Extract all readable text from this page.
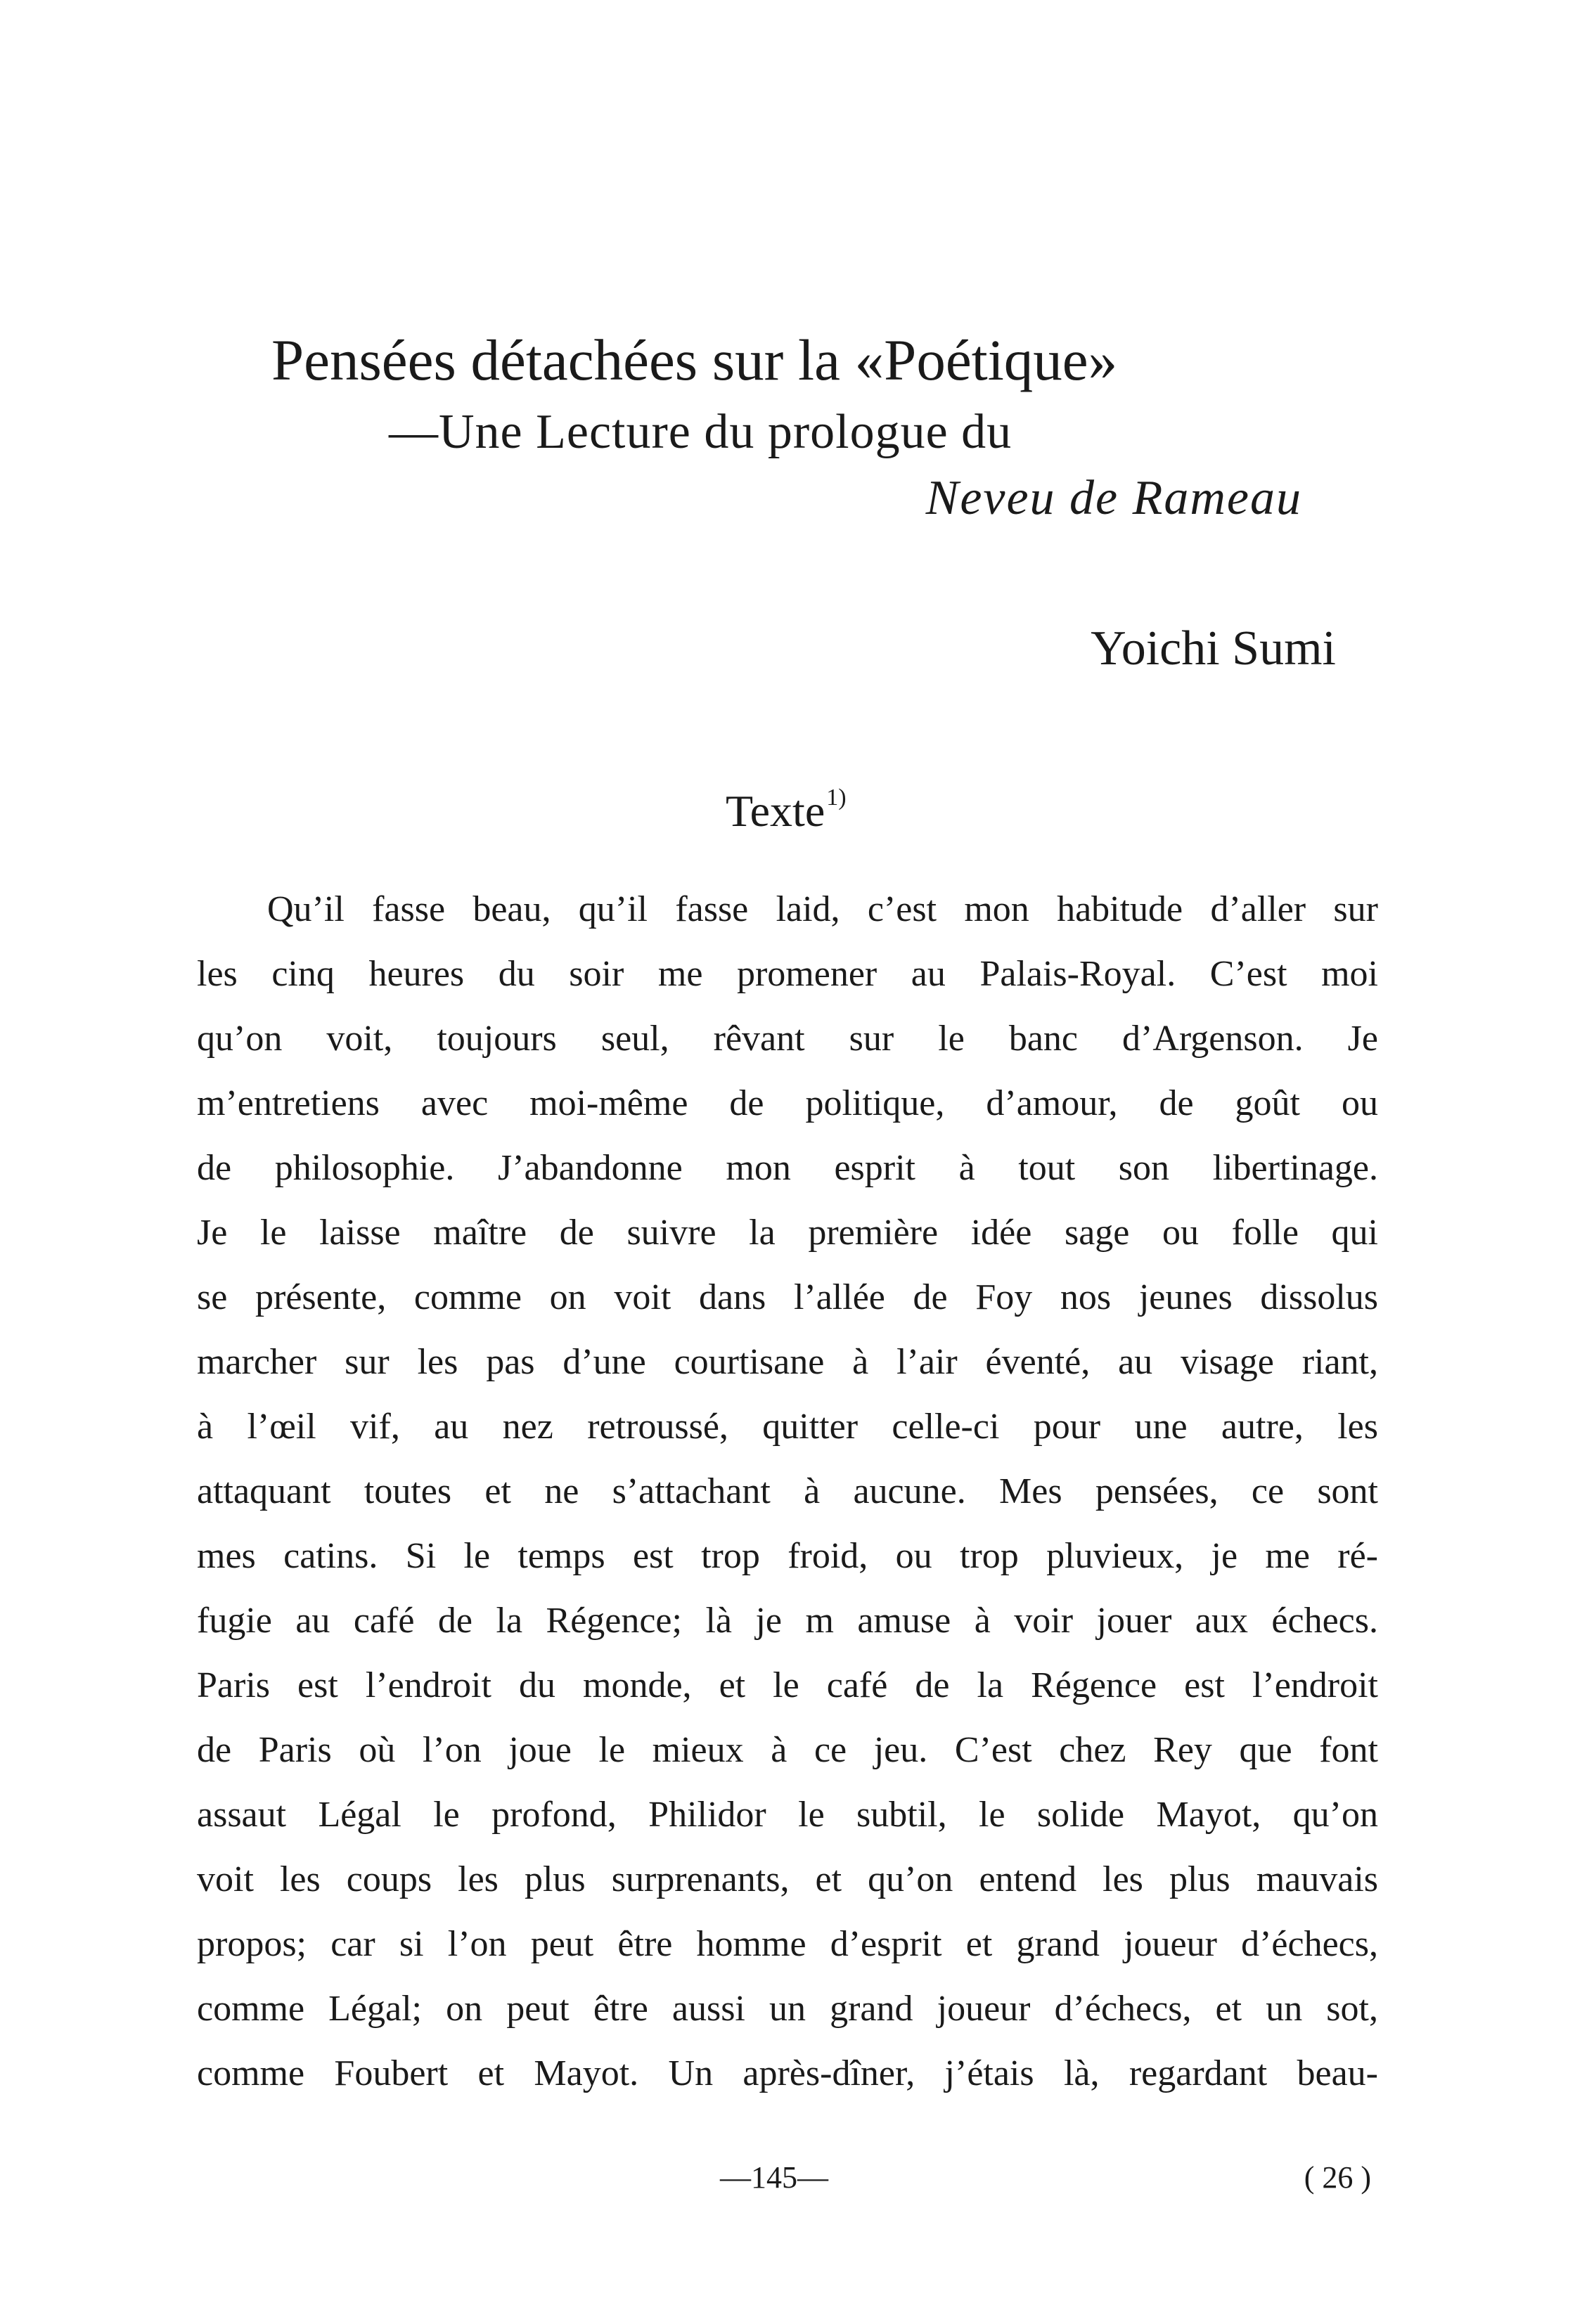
Pensées détachées sur la «Poétique»
—Une Lecture du prologue du
Neveu de Rameau

Yoichi Sumi

Texte$^{1)}$
Qu’il fasse beau, qu’il fasse laid, c’est mon habitude d’aller sur
les cinq heures du soir me promener au Palais-Royal. C’est moi
qu’on voit, toujours seul, rêvant sur le banc d’Argenson. Je
m’entretiens avec moi-même de politique, d’amour, de goût ou
de philosophie. J’abandonne mon esprit à tout son libertinage.
Je le laisse maître de suivre la première idée sage ou folle qui
se présente, comme on voit dans l’allée de Foy nos jeunes dissolus
marcher sur les pas d’une courtisane à l’air éventé, au visage riant,
à l’œil vif, au nez retroussé, quitter celle-ci pour une autre, les
attaquant toutes et ne s’attachant à aucune. Mes pensées, ce sont
mes catins. Si le temps est trop froid, ou trop pluvieux, je me ré-
fugie au café de la Régence; là je m amuse à voir jouer aux échecs.
Paris est l’endroit du monde, et le café de la Régence est l’endroit
de Paris où l’on joue le mieux à ce jeu. C’est chez Rey que font
assaut Légal le profond, Philidor le subtil, le solide Mayot, qu’on
voit les coups les plus surprenants, et qu’on entend les plus mauvais
propos; car si l’on peut être homme d’esprit et grand joueur d’échecs,
comme Légal; on peut être aussi un grand joueur d’échecs, et un sot,
comme Foubert et Mayot. Un après-dîner, j’étais là, regardant beau-

—145—	( 26 )
